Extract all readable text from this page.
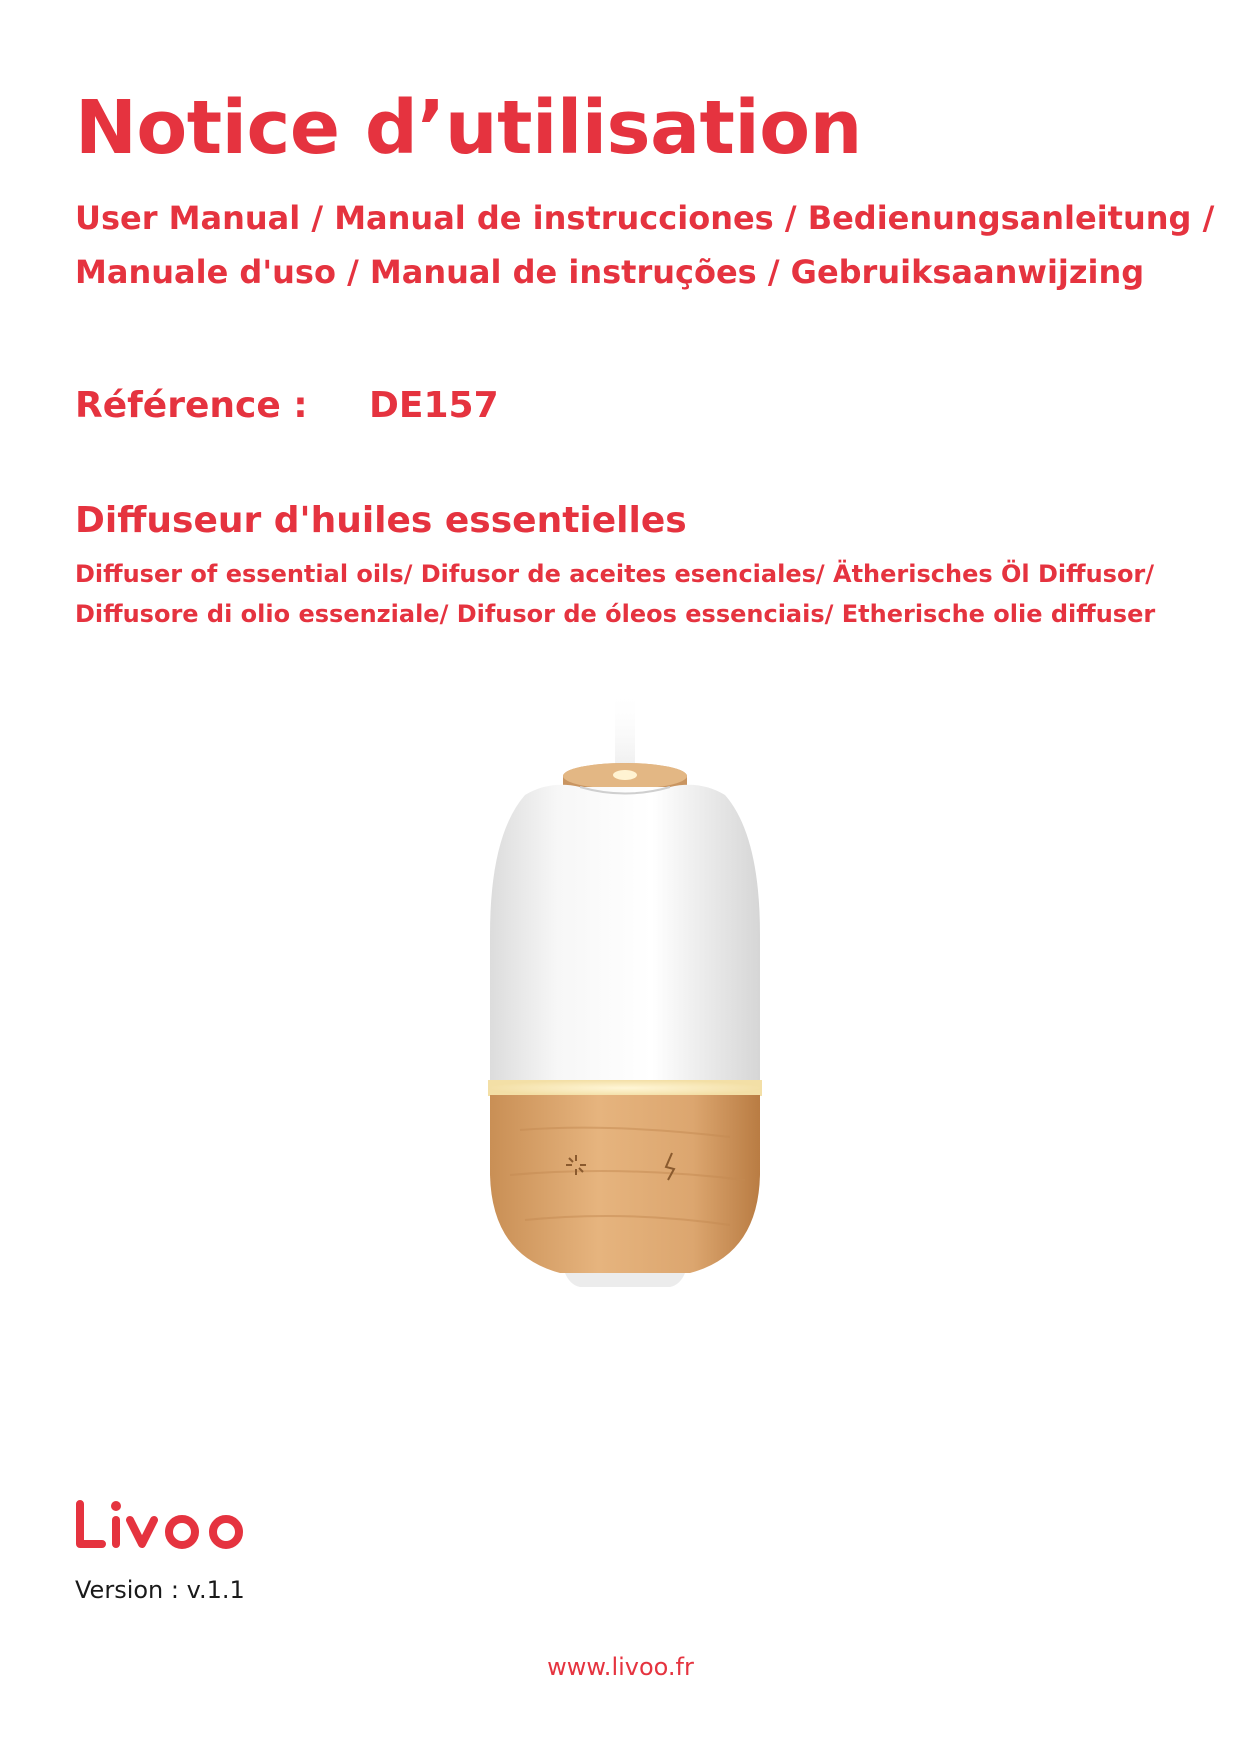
Notice d’utilisation
User Manual / Manual de instrucciones / Bedienungsanleitung /
Manuale d'uso / Manual de instruções / Gebruiksaanwijzing
Référence : DE157
Diffuseur d'huiles essentielles
Diffuser of essential oils/ Difusor de aceites esenciales/ Ätherisches Öl Diffusor/
Diffusore di olio essenziale/ Difusor de óleos essenciais/ Etherische olie diffuser
Version : v.1.1
www.livoo.fr
